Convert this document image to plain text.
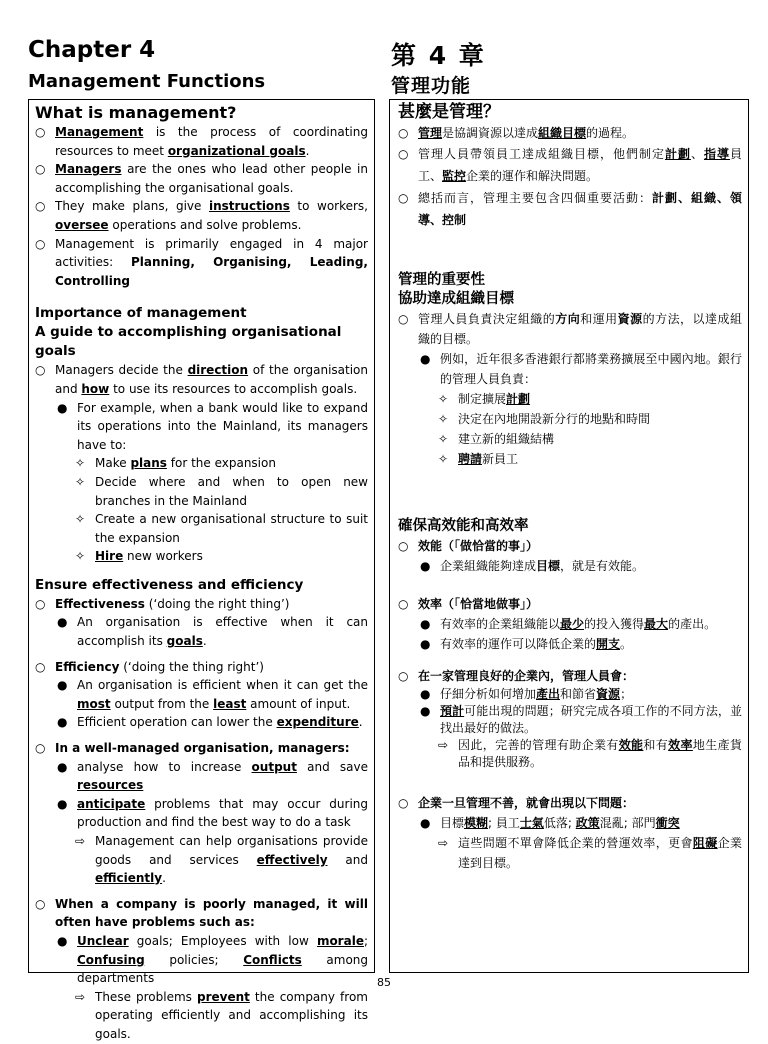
Chapter 4
Management Functions
第 4 章
管理功能
What is management?
○ Management is the process of coordinating resources to meet organizational goals.
○ Managers are the ones who lead other people in accomplishing the organisational goals.
○ They make plans, give instructions to workers, oversee operations and solve problems.
○ Management is primarily engaged in 4 major activities: Planning, Organising, Leading, Controlling
Importance of management
A guide to accomplishing organisational goals
○ Managers decide the direction of the organisation and how to use its resources to accomplish goals.
● For example, when a bank would like to expand its operations into the Mainland, its managers have to:
✧ Make plans for the expansion
✧ Decide where and when to open new branches in the Mainland
✧ Create a new organisational structure to suit the expansion
✧ Hire new workers
Ensure effectiveness and efficiency
○ Effectiveness (‘doing the right thing’)
● An organisation is effective when it can accomplish its goals.
○ Efficiency (‘doing the thing right’)
● An organisation is efficient when it can get the most output from the least amount of input.
● Efficient operation can lower the expenditure.
○ In a well-managed organisation, managers:
● analyse how to increase output and save resources
● anticipate problems that may occur during production and find the best way to do a task
⇨ Management can help organisations provide goods and services effectively and efficiently.
○ When a company is poorly managed, it will often have problems such as:
● Unclear goals; Employees with low morale; Confusing policies; Conflicts among departments
⇨ These problems prevent the company from operating efficiently and accomplishing its goals.
甚麼是管理？
○ 管理是協調資源以達成組織目標的過程。
○ 管理人員帶領員工達成組織目標，他們制定計劃、指導員工、監控企業的運作和解決問題。
○ 總括而言，管理主要包含四個重要活動：計劃、組織、領導、控制
管理的重要性
協助達成組織目標
○ 管理人員負責決定組織的方向和運用資源的方法，以達成組織的目標。
● 例如，近年很多香港銀行都將業務擴展至中國內地。銀行的管理人員負責：
✧ 制定擴展計劃
✧ 決定在內地開設新分行的地點和時間
✧ 建立新的組織結構
✧ 聘請新員工
確保高效能和高效率
○ 效能（「做恰當的事」）
● 企業組織能夠達成目標，就是有效能。
○ 效率（「恰當地做事」）
● 有效率的企業組織能以最少的投入獲得最大的產出。
● 有效率的運作可以降低企業的開支。
○ 在一家管理良好的企業內，管理人員會：
● 仔細分析如何增加產出和節省資源；
● 預計可能出現的問題；研究完成各項工作的不同方法，並找出最好的做法。
⇨ 因此，完善的管理有助企業有效能和有效率地生產貨品和提供服務。
○ 企業一旦管理不善，就會出現以下問題：
● 目標模糊; 員工士氣低落; 政策混亂; 部門衝突
⇨ 這些問題不單會降低企業的營運效率，更會阻礙企業達到目標。
85
